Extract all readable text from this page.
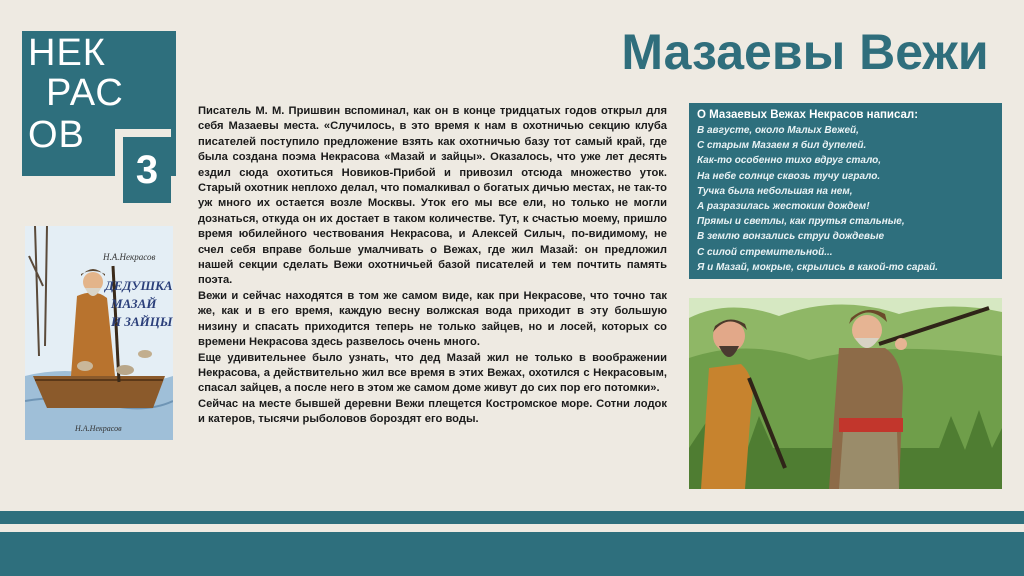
НЕК
РАС
ОВ
3
Мазаевы Вежи
Н.А.Некрасов
ДЕДУШКА
МАЗАЙ
И ЗАЙЦЫ
Н.А.Некрасов

Писатель М. М. Пришвин вспоминал, как он в конце тридцатых годов открыл для себя Мазаевы места. «Случилось, в это время к нам в охотничью секцию клуба писателей поступило предложение взять как охотничью базу тот самый край, где была создана поэма Некрасова «Мазай и зайцы». Оказалось, что уже лет десять ездил сюда охотиться Новиков-Прибой и привозил отсюда множество уток. Старый охотник неплохо делал, что помалкивал о богатых дичью местах, не так-то уж много их остается возле Москвы. Уток его мы все ели, но только не могли дознаться, откуда он их достает в таком количестве. Тут, к счастью моему, пришло время юбилейного чествования Некрасова, и Алексей Силыч, по-видимому, не счел себя вправе больше умалчивать о Вежах, где жил Мазай: он предложил нашей секции сделать Вежи охотничьей базой писателей и тем почтить память поэта.

Вежи и сейчас находятся в том же самом виде, как при Некрасове, что точно так же, как и в его время, каждую весну волжская вода приходит в эту большую низину и спасать приходится теперь не только зайцев, но и лосей, которых со времени Некрасова здесь развелось очень много.

Еще удивительнее было узнать, что дед Мазай жил не только в воображении Некрасова, а действительно жил все время в этих Вежах, охотился с Некрасовым, спасал зайцев, а после него в этом же самом доме живут до сих пор его потомки».

Сейчас на месте бывшей деревни Вежи плещется Костромское море. Сотни лодок и катеров, тысячи рыболовов бороздят его воды.

О Мазаевых Вежах Некрасов написал:
В августе, около Малых Вежей,
С старым Мазаем я бил дупелей.
Как-то особенно тихо вдруг стало,
На небе солнце сквозь тучу играло.
Тучка была небольшая на нем,
А разразилась жестоким дождем!
Прямы и светлы, как прутья стальные,
В землю вонзались струи дождевые
С силой стремительной...
Я и Мазай, мокрые, скрылись в какой-то сарай.
